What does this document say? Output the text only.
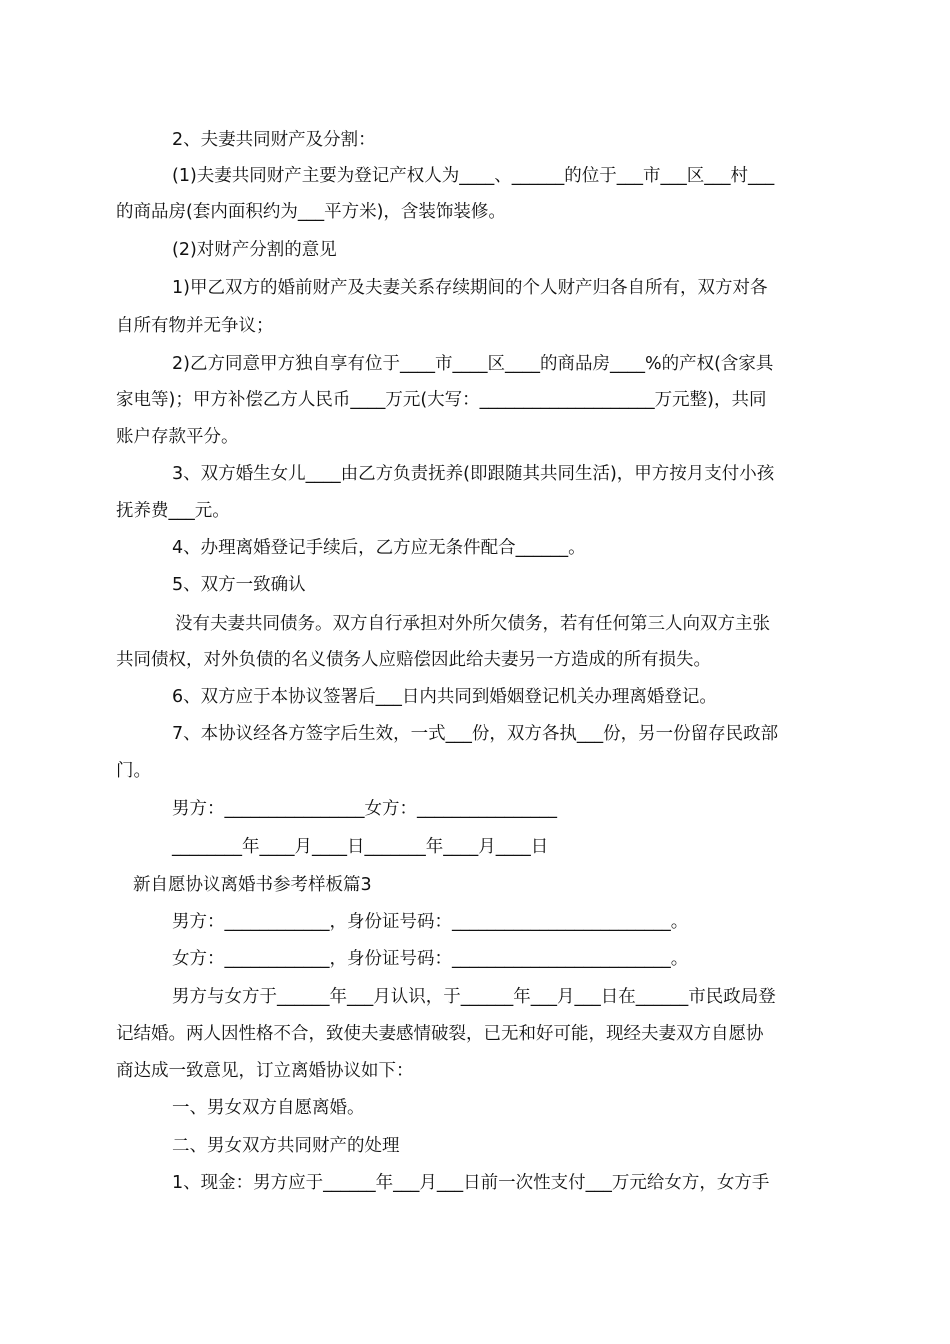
2、夫妻共同财产及分割：
(1)夫妻共同财产主要为登记产权人为____、______的位于___市___区___村___
的商品房(套内面积约为___平方米)，含装饰装修。
(2)对财产分割的意见
1)甲乙双方的婚前财产及夫妻关系存续期间的个人财产归各自所有，双方对各
自所有物并无争议；
2)乙方同意甲方独自享有位于____市____区____的商品房____%的产权(含家具
家电等)；甲方补偿乙方人民币____万元(大写：____________________万元整)，共同
账户存款平分。
3、双方婚生女儿____由乙方负责抚养(即跟随其共同生活)，甲方按月支付小孩
抚养费___元。
4、办理离婚登记手续后，乙方应无条件配合______。
5、双方一致确认
没有夫妻共同债务。双方自行承担对外所欠债务，若有任何第三人向双方主张
共同债权，对外负债的名义债务人应赔偿因此给夫妻另一方造成的所有损失。
6、双方应于本协议签署后___日内共同到婚姻登记机关办理离婚登记。
7、本协议经各方签字后生效，一式___份，双方各执___份，另一份留存民政部
门。
男方：________________女方：________________
________年____月____日_______年____月____日
新自愿协议离婚书参考样板篇3
男方：____________，身份证号码：_________________________。
女方：____________，身份证号码：_________________________。
男方与女方于______年___月认识，于______年___月___日在______市民政局登
记结婚。两人因性格不合，致使夫妻感情破裂，已无和好可能，现经夫妻双方自愿协
商达成一致意见，订立离婚协议如下：
一、男女双方自愿离婚。
二、男女双方共同财产的处理
1、现金：男方应于______年___月___日前一次性支付___万元给女方，女方手
